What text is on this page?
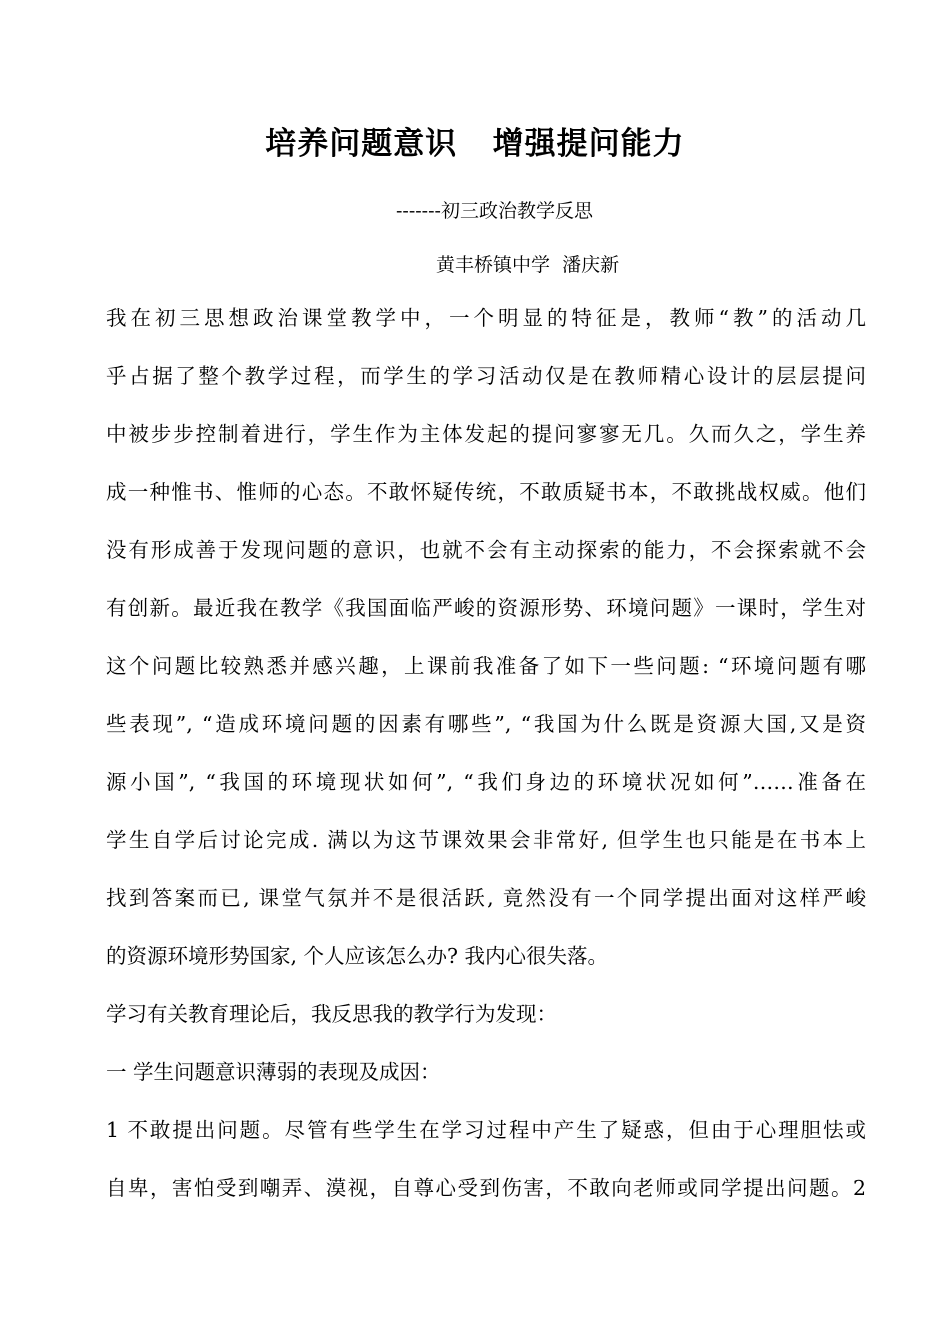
培养问题意识   增强提问能力
-------初三政治教学反思
黄丰桥镇中学  潘庆新
我在初三思想政治课堂教学中，一个明显的特征是，教师“教”的活动几
乎占据了整个教学过程，而学生的学习活动仅是在教师精心设计的层层提问
中被步步控制着进行，学生作为主体发起的提问寥寥无几。久而久之，学生养
成一种惟书、惟师的心态。不敢怀疑传统，不敢质疑书本，不敢挑战权威。他们
没有形成善于发现问题的意识，也就不会有主动探索的能力，不会探索就不会
有创新。最近我在教学《我国面临严峻的资源形势、环境问题》一课时，学生对
这个问题比较熟悉并感兴趣，上课前我准备了如下一些问题: “环境问题有哪
些表现”, “造成环境问题的因素有哪些”, “我国为什么既是资源大国,又是资
源小国”, “我国的环境现状如何”, “我们身边的环境状况如何”……准备在
学生自学后讨论完成. 满以为这节课效果会非常好, 但学生也只能是在书本上
找到答案而已, 课堂气氛并不是很活跃, 竟然没有一个同学提出面对这样严峻
的资源环境形势国家, 个人应该怎么办? 我内心很失落。
学习有关教育理论后，我反思我的教学行为发现：
一 学生问题意识薄弱的表现及成因：
1 不敢提出问题。尽管有些学生在学习过程中产生了疑惑，但由于心理胆怯或
自卑，害怕受到嘲弄、漠视，自尊心受到伤害，不敢向老师或同学提出问题。2
